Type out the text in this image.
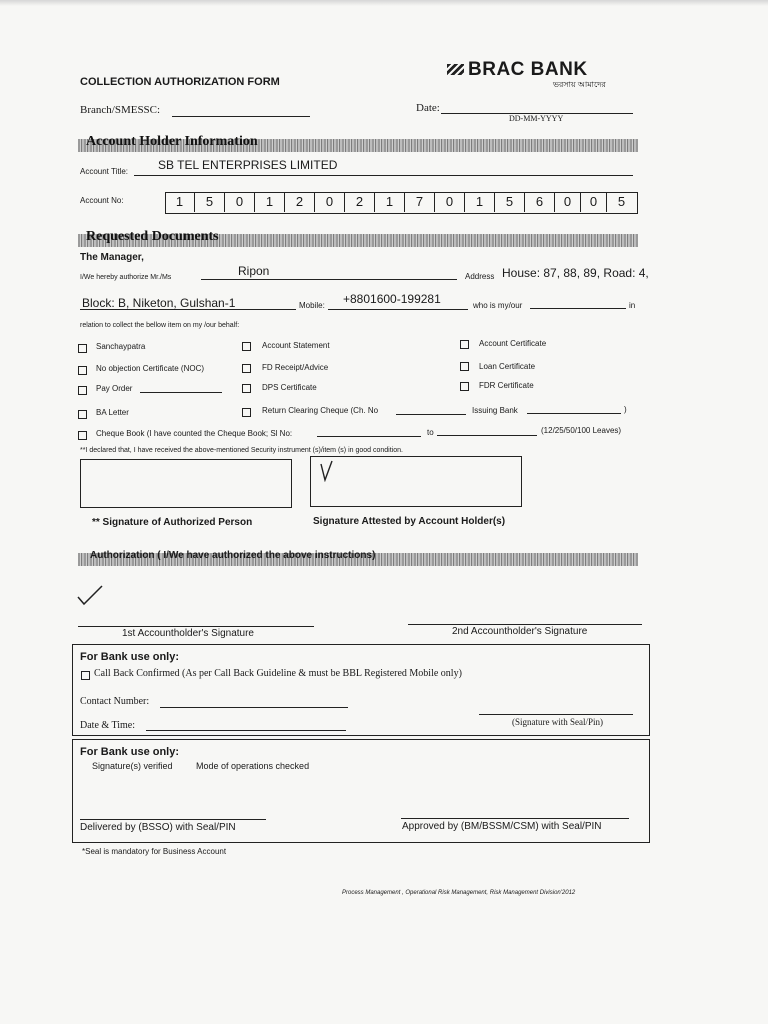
COLLECTION AUTHORIZATION FORM
BRAC BANK
ভরসায় আমাদের
Branch/SMESSC:	Date:
DD-MM-YYYY
Account Holder Information
Account Title: SB TEL ENTERPRISES LIMITED
Account No:	1	5	0	1	2	0	2	1	7	0	1	5	6	0	0	5
Requested Documents
The Manager,
I/We hereby authorize Mr./Ms	Ripon	Address House: 87, 88, 89, Road: 4,
Block: B, Niketon, Gulshan-1	Mobile: +8801600-199281	who is my/our	in
relation to collect the bellow item on my /our behalf:
Sanchaypatra	Account Statement	Account Certificate
No objection Certificate (NOC)	FD Receipt/Advice	Loan Certificate
Pay Order	DPS Certificate	FDR Certificate
BA Letter	Return Clearing Cheque (Ch. No	Issuing Bank	)
Cheque Book (I have counted the Cheque Book; Sl No:	to	(12/25/50/100 Leaves)
**I declared that, I have received the above-mentioned Security instrument (s)/item (s) in good condition.
** Signature of Authorized Person	Signature Attested by Account Holder(s)
Authorization ( I/We have authorized the above instructions)
1st Accountholder's Signature	2nd Accountholder's Signature
For Bank use only:
Call Back Confirmed (As per Call Back Guideline & must be BBL Registered Mobile only)
Contact Number:
Date & Time:	(Signature with Seal/Pin)
For Bank use only:
Signature(s) verified	Mode of operations checked
Delivered by (BSSO) with Seal/PIN	Approved by (BM/BSSM/CSM) with Seal/PIN
*Seal is mandatory for Business Account
Process Management , Operational Risk Management, Risk Management Division'2012
